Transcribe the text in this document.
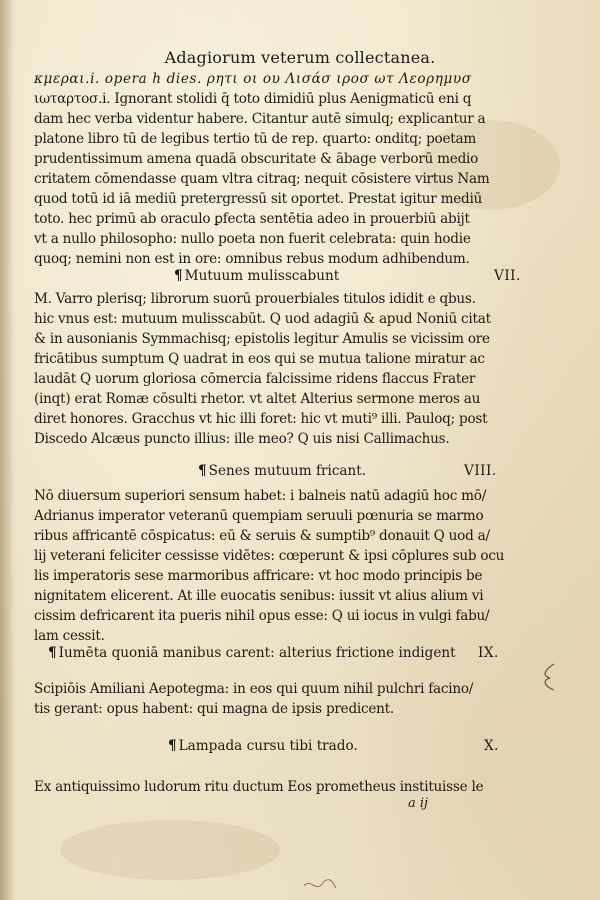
Adagiorum veterum collectanea.
κμεραι.i. opera h dies. ρητι οι ου Λισάσ ιροσ ωτ Λεορημυσ
ιωταρτοσ.i. Ignorant stolidi q̄ toto dimidiū plus Aenigmaticū eni q
dam hec verba videntur habere. Citantur autē simulq; explicantur a
platone libro tū de legibus tertio tū de rep. quarto: onditq; poetam
prudentissimum amena quadā obscuritate & ābage verborū medio
critatem cōmendasse quam vltra citraq; nequit cōsistere virtus Nam
quod totū id iā mediū pretergressū sit oportet. Prestat igitur mediū
toto. hec primū ab oraculo ꝑfecta sentētia adeo in prouerbiū abijt
vt a nullo philosopho: nullo poeta non fuerit celebrata: quin hodie
quoq; nemini non est in ore: omnibus rebus modum adhibendum.
M. Varro plerisq; librorum suorū prouerbiales titulos ididit e qbus.
hic vnus est: mutuum mulisscabūt. Q uod adagiū & apud Noniū citat
& in ausonianis Symmachisq; epistolis legitur Amulis se vicissim ore
fricātibus sumptum Q uadrat in eos qui se mutua talione miratur ac
laudāt Q uorum gloriosa cōmercia falcissime ridens flaccus Frater
(inqt) erat Romæ cōsulti rhetor. vt altet Alterius sermone meros au
diret honores. Gracchus vt hic illi foret: hic vt muti⁹ illi. Pauloq; post
Discedo Alcæus puncto illius: ille meo? Q uis nisi Callimachus.
Nō diuersum superiori sensum habet: i balneis natū adagiū hoc mō/
Adrianus imperator veteranū quempiam seruuli pœnuria se marmo
ribus affricantē cōspicatus: eū & seruis & sumptib⁹ donauit Q uod a/
lij veterani feliciter cessisse vidētes: cœperunt & ipsi cōplures sub ocu
lis imperatoris sese marmoribus affricare: vt hoc modo principis be
nignitatem elicerent. At ille euocatis senibus: iussit vt alius alium vi
cissim defricarent ita pueris nihil opus esse: Q ui iocus in vulgi fabu/
lam cessit.
Scipiōis Amiliani Aepotegma: in eos qui quum nihil pulchri facino/
tis gerant: opus habent: qui magna de ipsis predicent.
Ex antiquissimo ludorum ritu ductum Eos prometheus instituisse le
¶ Mutuum mulisscabunt	VII.
¶ Senes mutuum fricant.	VIII.
¶ Iumēta quoniā manibus carent: alterius frictione indigent IX.
¶ Lampada cursu tibi trado.	X.
a ij
